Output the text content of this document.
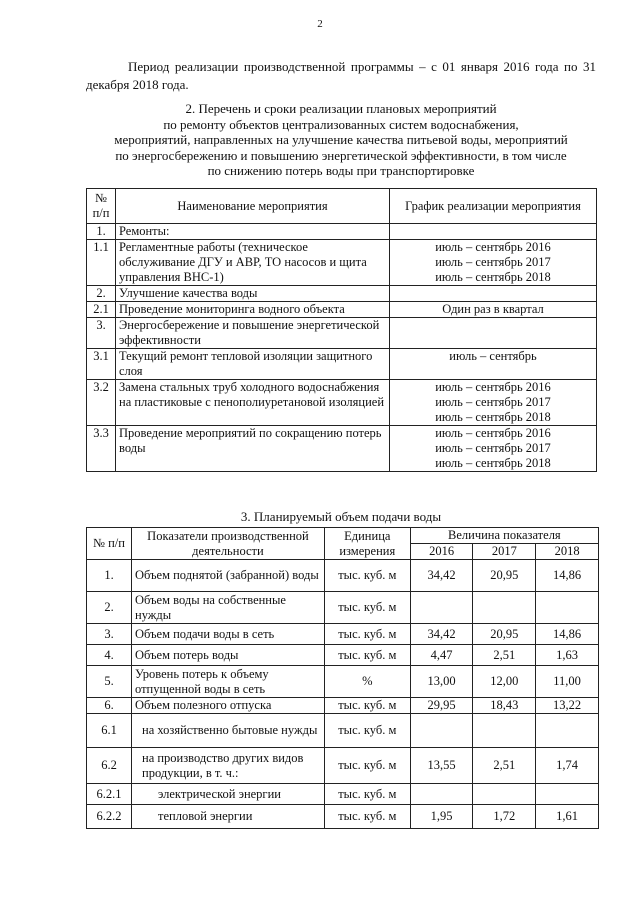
2
Период реализации производственной программы – с 01 января 2016 года по 31 декабря 2018 года.
2. Перечень и сроки реализации плановых мероприятий
по ремонту объектов централизованных систем водоснабжения,
мероприятий, направленных на улучшение качества питьевой воды, мероприятий
по энергосбережению и повышению энергетической эффективности, в том числе
по снижению потерь воды при транспортировке
№ п/п	Наименование мероприятия	График реализации мероприятия
1.	Ремонты:	
1.1	Регламентные работы (техническое обслуживание ДГУ и АВР, ТО насосов и щита управления ВНС-1)	июль – сентябрь 2016
июль – сентябрь 2017
июль – сентябрь 2018

2.	Улучшение качества воды	
2.1	Проведение мониторинга водного объекта	Один раз в квартал

3.	Энергосбережение и повышение энергетической эффективности	
3.1	Текущий ремонт тепловой изоляции защитного слоя	июль – сентябрь

3.2	Замена стальных труб холодного водоснабжения на пластиковые с пенополиуретановой изоляцией	июль – сентябрь 2016
июль – сентябрь 2017
июль – сентябрь 2018

3.3	Проведение мероприятий по сокращению потерь воды	июль – сентябрь 2016
июль – сентябрь 2017
июль – сентябрь 2018
3. Планируемый объем подачи воды
№ п/п	Показатели производственной деятельности	Единица измерения	Величина показателя		
			2016	2017	2018
1.	Объем поднятой (забранной) воды	тыс. куб. м	34,42	20,95	14,86
2.	Объем воды на собственные нужды	тыс. куб. м			
3.	Объем подачи воды в сеть	тыс. куб. м	34,42	20,95	14,86
4.	Объем потерь воды	тыс. куб. м	4,47	2,51	1,63
5.	Уровень потерь к объему отпущенной воды в сеть	%	13,00	12,00	11,00
6.	Объем полезного отпуска	тыс. куб. м	29,95	18,43	13,22
6.1	на хозяйственно бытовые нужды	тыс. куб. м			
6.2	на производство других видов продукции, в т. ч.:	тыс. куб. м	13,55	2,51	1,74
6.2.1	электрической энергии	тыс. куб. м			
6.2.2	тепловой энергии	тыс. куб. м	1,95	1,72	1,61
